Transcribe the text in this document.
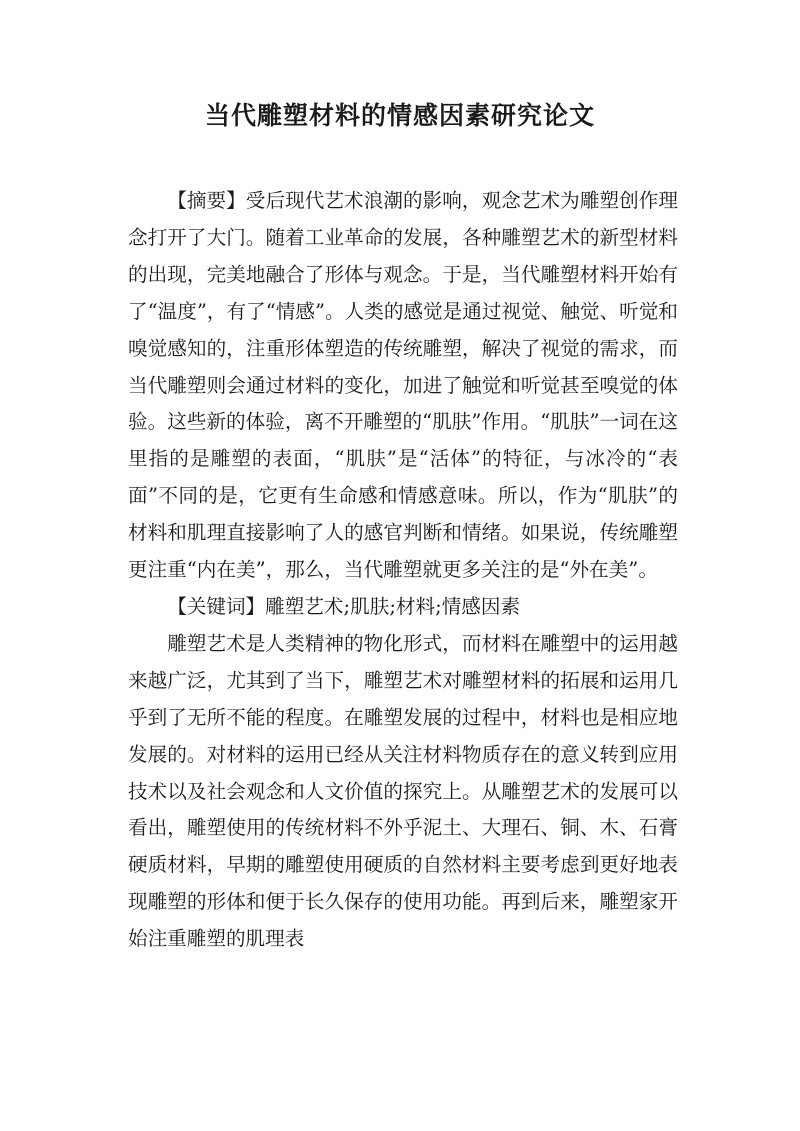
当代雕塑材料的情感因素研究论文

【摘要】受后现代艺术浪潮的影响，观念艺术为雕塑创作理念打开了大门。随着工业革命的发展，各种雕塑艺术的新型材料的出现，完美地融合了形体与观念。于是，当代雕塑材料开始有了“温度”，有了“情感”。人类的感觉是通过视觉、触觉、听觉和嗅觉感知的，注重形体塑造的传统雕塑，解决了视觉的需求，而当代雕塑则会通过材料的变化，加进了触觉和听觉甚至嗅觉的体验。这些新的体验，离不开雕塑的“肌肤”作用。“肌肤”一词在这里指的是雕塑的表面，“肌肤”是“活体”的特征，与冰冷的“表面”不同的是，它更有生命感和情感意味。所以，作为“肌肤”的材料和肌理直接影响了人的感官判断和情绪。如果说，传统雕塑更注重“内在美”，那么，当代雕塑就更多关注的是“外在美”。

【关键词】雕塑艺术;肌肤;材料;情感因素

雕塑艺术是人类精神的物化形式，而材料在雕塑中的运用越来越广泛，尤其到了当下，雕塑艺术对雕塑材料的拓展和运用几乎到了无所不能的程度。在雕塑发展的过程中，材料也是相应地发展的。对材料的运用已经从关注材料物质存在的意义转到应用技术以及社会观念和人文价值的探究上。从雕塑艺术的发展可以看出，雕塑使用的传统材料不外乎泥土、大理石、铜、木、石膏硬质材料，早期的雕塑使用硬质的自然材料主要考虑到更好地表现雕塑的形体和便于长久保存的使用功能。再到后来，雕塑家开始注重雕塑的肌理表
